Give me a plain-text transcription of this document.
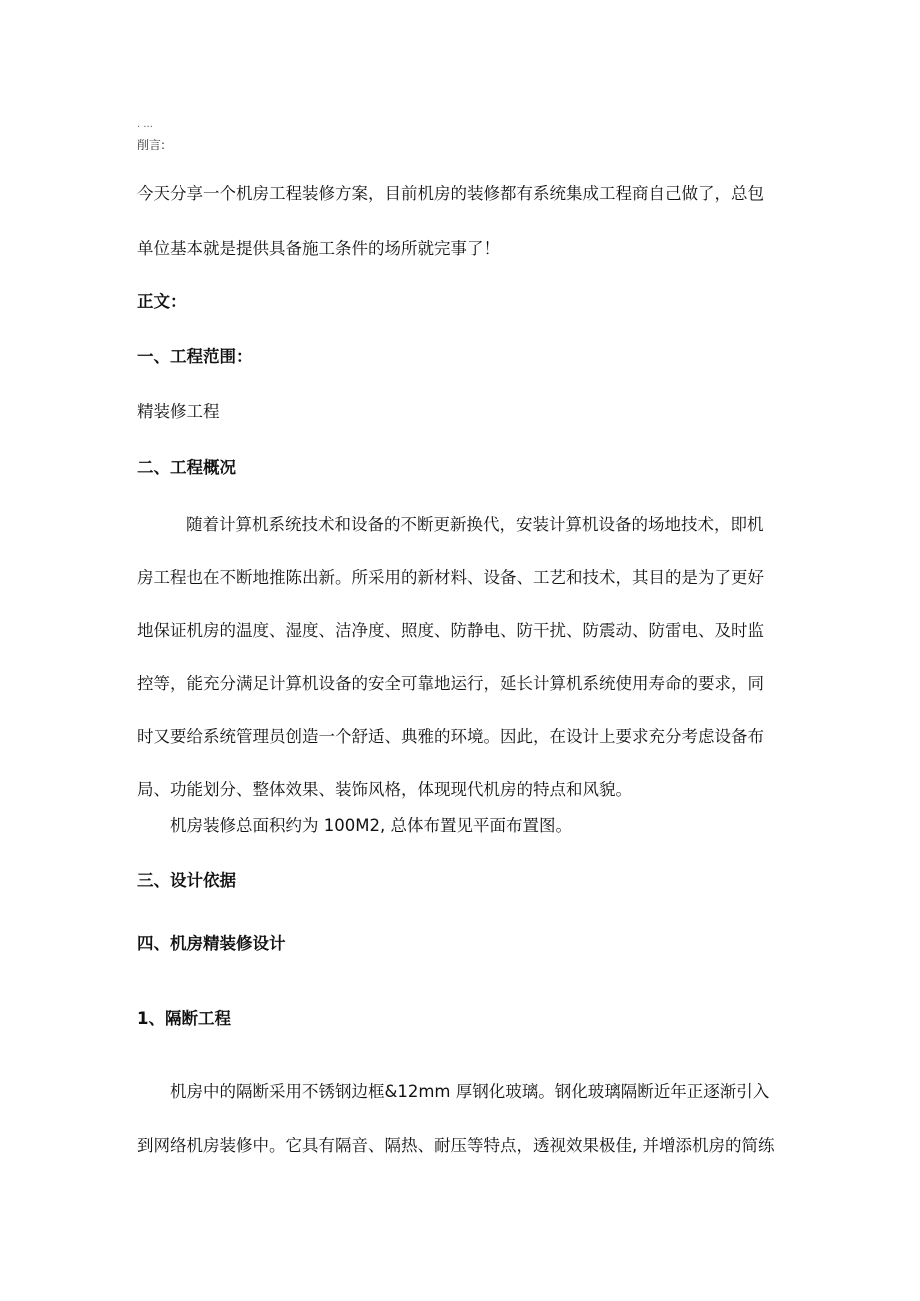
· ···
削言:
今天分享一个机房工程装修方案，目前机房的装修都有系统集成工程商自己做了，总包
单位基本就是提供具备施工条件的场所就完事了！
正文：
一、工程范围：
精装修工程
二、工程概况
随着计算机系统技术和设备的不断更新换代，安装计算机设备的场地技术，即机
房工程也在不断地推陈出新。所采用的新材料、设备、工艺和技术，其目的是为了更好
地保证机房的温度、湿度、洁净度、照度、防静电、防干扰、防震动、防雷电、及时监
控等，能充分满足计算机设备的安全可靠地运行，延长计算机系统使用寿命的要求，同
时又要给系统管理员创造一个舒适、典雅的环境。因此，在设计上要求充分考虑设备布
局、功能划分、整体效果、装饰风格，体现现代机房的特点和风貌。
机房装修总面积约为 100M2, 总体布置见平面布置图。
三、设计依据
四、机房精装修设计
1、隔断工程
机房中的隔断采用不锈钢边框&12mm 厚钢化玻璃。钢化玻璃隔断近年正逐渐引入
到网络机房装修中。它具有隔音、隔热、耐压等特点，透视效果极佳, 并增添机房的简练
